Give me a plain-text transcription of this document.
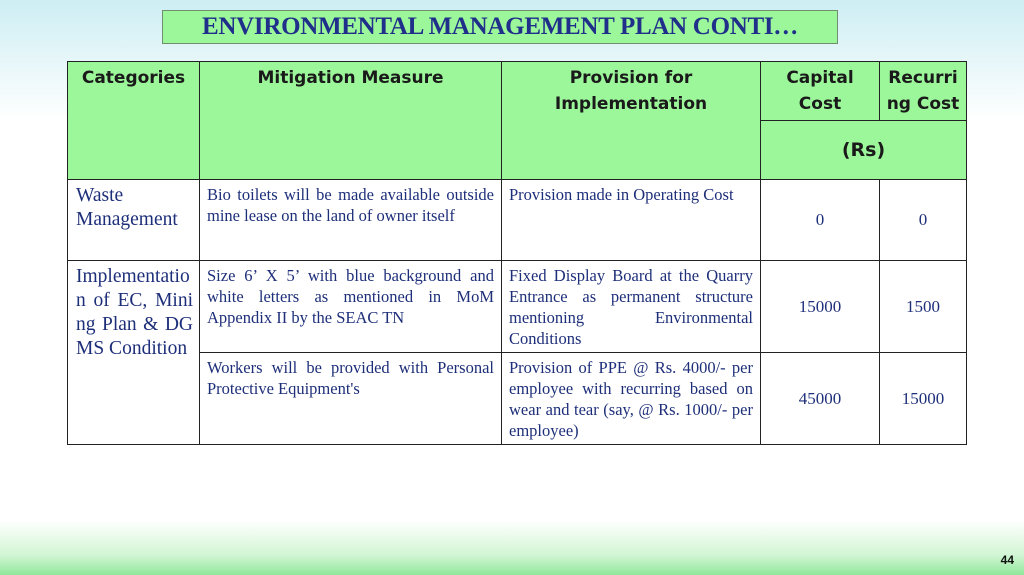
ENVIRONMENTAL MANAGEMENT PLAN CONTI…
Categories	Mitigation Measure	Provision for Implementation	Capital Cost	Recurri ng Cost
			(Rs)	
Waste Management	Bio toilets will be made available outside mine lease on the land of owner itself	Provision made in Operating Cost	0	0
Implementation of EC, Mining Plan & DGMS Condition	Size 6’ X 5’ with blue background and white letters as mentioned in MoM Appendix II by the SEAC TN	Fixed Display Board at the Quarry Entrance as permanent structure mentioning Environmental Conditions	15000	1500
	Workers will be provided with Personal Protective Equipment's	Provision of PPE @ Rs. 4000/- per employee with recurring based on wear and tear (say, @ Rs. 1000/- per employee)	45000	15000
44
